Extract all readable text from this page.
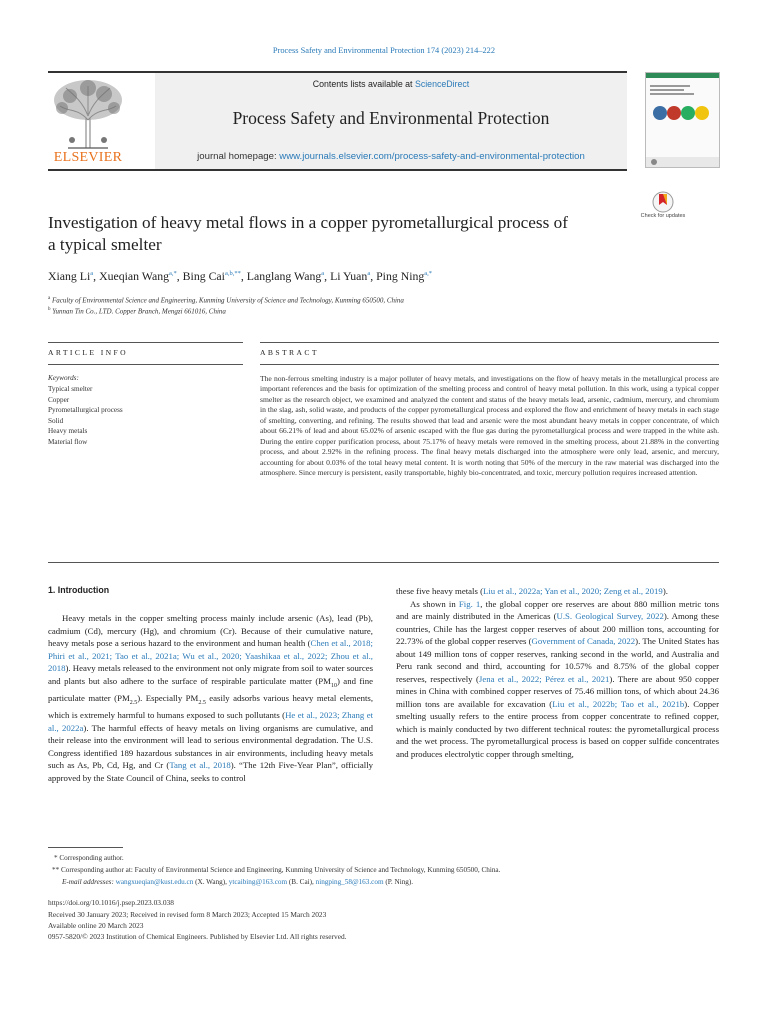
Process Safety and Environmental Protection 174 (2023) 214–222
ELSEVIER
Contents lists available at ScienceDirect
Process Safety and Environmental Protection
journal homepage: www.journals.elsevier.com/process-safety-and-environmental-protection
Check for updates
Investigation of heavy metal flows in a copper pyrometallurgical process of
a typical smelter
Xiang Li$^a$, Xueqian Wang$^{a,*}$, Bing Cai$^{a,b,**}$, Langlang Wang$^a$, Li Yuan$^a$, Ping Ning$^{a,*}$
$^a$ Faculty of Environmental Science and Engineering, Kunming University of Science and Technology, Kunming 650500, China
$^b$ Yunnan Tin Co., LTD. Copper Branch, Mengzi 661016, China
ARTICLE INFO	ABSTRACT
Keywords:
Typical smelter
Copper
Pyrometallurgical process
Solid
Heavy metals
Material flow
The non-ferrous smelting industry is a major polluter of heavy metals, and investigations on the flow of heavy metals in the metallurgical process are important references and the basis for optimization of the smelting process and control of heavy metal pollution. In this work, using a typical copper smelter as the research object, we examined and analyzed the content and status of the heavy metals lead, arsenic, cadmium, mercury, and chromium in the slag, ash, solid waste, and products of the copper pyrometallurgical process and explored the flow and enrichment of heavy metals in each stage of smelting, converting, and refining. The results showed that lead and arsenic were the most abundant heavy metals in copper concentrate, of which about 66.21% of lead and about 65.02% of arsenic escaped with the flue gas during the pyrometallurgical process and were trapped in the white ash. During the entire copper purification process, about 75.17% of heavy metals were removed in the smelting process, about 21.88% in the converting process, and about 2.92% in the refining process. The final heavy metals discharged into the atmosphere were only lead, arsenic, and mercury, accounting for about 0.03% of the total heavy metal content. It is worth noting that 50% of the mercury in the raw material was discharged into the atmosphere. Since mercury is persistent, easily transportable, highly bio-concentrated, and toxic, mercury pollution requires increased attention.
1. Introduction

Heavy metals in the copper smelting process mainly include arsenic (As), lead (Pb), cadmium (Cd), mercury (Hg), and chromium (Cr). Because of their cumulative nature, heavy metals pose a serious hazard to the environment and human health (Chen et al., 2018; Phiri et al., 2021; Tao et al., 2021a; Wu et al., 2020; Yaashikaa et al., 2022; Zhou et al., 2018). Heavy metals released to the environment not only migrate from soil to water sources and plants but also adhere to the surface of respirable particulate matter $(PM_{10})$ and fine particulate matter $(PM_{2.5})$. Especially $PM_{2.5}$ easily adsorbs various heavy metal elements, which is extremely harmful to humans exposed to such pollutants (He et al., 2023; Zhang et al., 2022a). The harmful effects of heavy metals on living organisms are cumulative, and their release into the environment will lead to serious environmental degradation. The U.S. Congress identified 189 hazardous substances in air environments, including heavy metals such as As, Pb, Cd, Hg, and Cr (Tang et al., 2018). “The 12th Five-Year Plan”, officially approved by the State Council of China, seeks to control

these five heavy metals (Liu et al., 2022a; Yan et al., 2020; Zeng et al., 2019).

As shown in Fig. 1, the global copper ore reserves are about 880 million metric tons and are mainly distributed in the Americas (U.S. Geological Survey, 2022). Among these countries, Chile has the largest copper reserves of about 200 million tons, accounting for 22.73% of the global copper reserves (Government of Canada, 2022). The United States has about 149 million tons of copper reserves, ranking second in the world, and Australia and Peru rank second and third, accounting for 10.57% and 8.75% of the global copper reserves, respectively (Jena et al., 2022; Pérez et al., 2021). There are about 950 copper mines in China with combined copper reserves of 75.46 million tons, of which about 24.36 million tons are available for excavation (Liu et al., 2022b; Tao et al., 2021b). Copper smelting usually refers to the entire process from copper concentrate to refined copper, which is mainly conducted by two different technical routes: the pyrometallurgical process and the wet process. The pyrometallurgical process is based on copper sulfide concentrates and produces electrolytic copper through smelting,

* Corresponding author.
** Corresponding author at: Faculty of Environmental Science and Engineering, Kunming University of Science and Technology, Kunming 650500, China.
E-mail addresses: wangxueqian@kust.edu.cn (X. Wang), ytcaibing@163.com (B. Cai), ningping_58@163.com (P. Ning).
https://doi.org/10.1016/j.psep.2023.03.038
Received 30 January 2023; Received in revised form 8 March 2023; Accepted 15 March 2023
Available online 20 March 2023
0957-5820/© 2023 Institution of Chemical Engineers. Published by Elsevier Ltd. All rights reserved.
